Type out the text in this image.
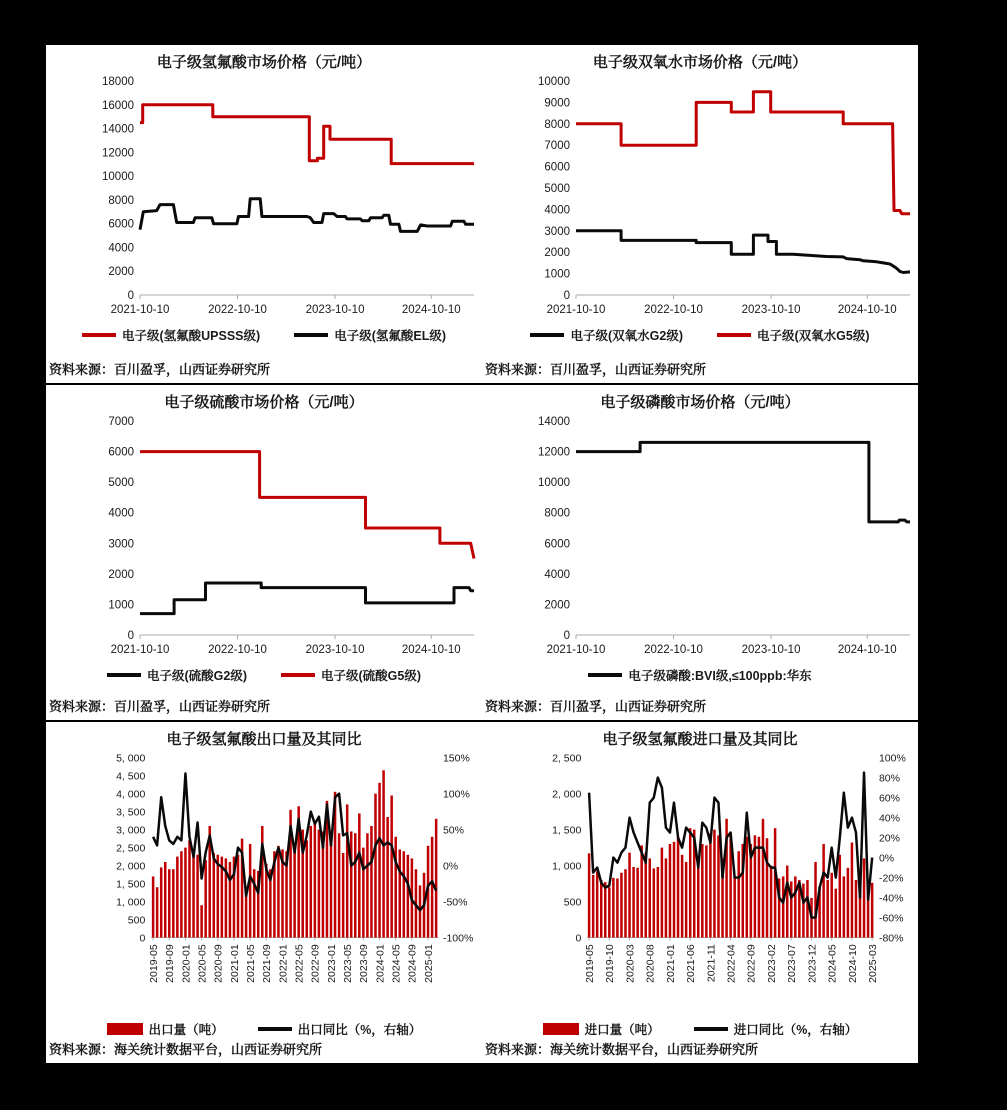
电子级氢氟酸市场价格（元/吨）
18000
16000
14000
12000
10000
8000
6000
4000
2000
0
2021-10-10	2022-10-10	2023-10-10	2024-10-10
电子级(氢氟酸UPSSS级)	电子级(氢氟酸EL级)
资料来源：百川盈孚，山西证券研究所
电子级双氧水市场价格（元/吨）
10000
9000
8000
7000
6000
5000
4000
3000
2000
1000
0
2021-10-10	2022-10-10	2023-10-10	2024-10-10
电子级(双氧水G2级)	电子级(双氧水G5级)
资料来源：百川盈孚，山西证券研究所
电子级硫酸市场价格（元/吨）
7000
6000
5000
4000
3000
2000
1000
0
2021-10-10	2022-10-10	2023-10-10	2024-10-10
电子级(硫酸G2级)	电子级(硫酸G5级)
资料来源：百川盈孚，山西证券研究所
电子级磷酸市场价格（元/吨）
14000
12000
10000
8000
6000
4000
2000
0
2021-10-10	2022-10-10	2023-10-10	2024-10-10
电子级磷酸:BVI级,≤100ppb:华东
资料来源：百川盈孚，山西证券研究所
电子级氢氟酸出口量及其同比
5, 000
4, 500
4, 000
3, 500
3, 000
2, 500
2, 000
1, 500
1, 000
500
0
150%
100%
50%
0%
-50%
-100%
2019-05 2019-09 2020-01 2020-05 2020-09 2021-01 2021-05 2021-09 2022-01 2022-05 2022-09 2023-01 2023-05 2023-09 2024-01 2024-05 2024-09 2025-01
出口量（吨）	出口同比（%，右轴）
资料来源：海关统计数据平台，山西证券研究所
电子级氢氟酸进口量及其同比
2, 500
2, 000
1, 500
1, 000
500
0
100%
80%
60%
40%
20%
0%
-20%
-40%
-60%
-80%
2019-05 2019-10 2020-03 2020-08 2021-01 2021-06 2021-11 2022-04 2022-09 2023-02 2023-07 2023-12 2024-05 2024-10 2025-03
进口量（吨）	进口同比（%，右轴）
资料来源：海关统计数据平台，山西证券研究所
